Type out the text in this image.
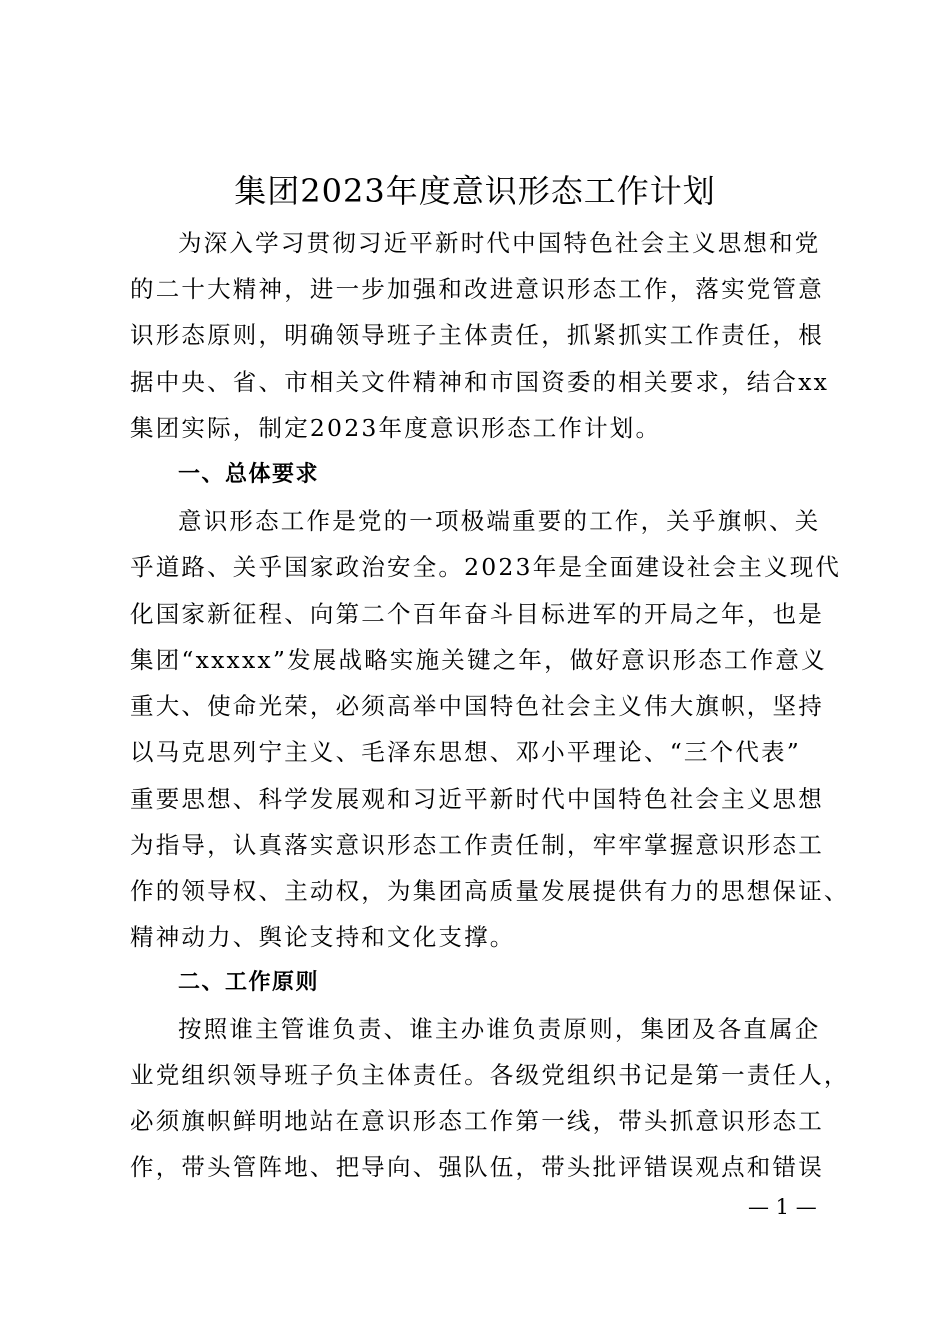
集团2023年度意识形态工作计划
为深入学习贯彻习近平新时代中国特色社会主义思想和党
的二十大精神，进一步加强和改进意识形态工作，落实党管意
识形态原则，明确领导班子主体责任，抓紧抓实工作责任，根
据中央、省、市相关文件精神和市国资委的相关要求，结合xx
集团实际，制定2023年度意识形态工作计划。
一、总体要求
意识形态工作是党的一项极端重要的工作，关乎旗帜、关
乎道路、关乎国家政治安全。2023年是全面建设社会主义现代
化国家新征程、向第二个百年奋斗目标进军的开局之年，也是
集团“xxxxx”发展战略实施关键之年，做好意识形态工作意义
重大、使命光荣，必须高举中国特色社会主义伟大旗帜，坚持
以马克思列宁主义、毛泽东思想、邓小平理论、“三个代表”
重要思想、科学发展观和习近平新时代中国特色社会主义思想
为指导，认真落实意识形态工作责任制，牢牢掌握意识形态工
作的领导权、主动权，为集团高质量发展提供有力的思想保证、
精神动力、舆论支持和文化支撑。
二、工作原则
按照谁主管谁负责、谁主办谁负责原则，集团及各直属企
业党组织领导班子负主体责任。各级党组织书记是第一责任人，
必须旗帜鲜明地站在意识形态工作第一线，带头抓意识形态工
作，带头管阵地、把导向、强队伍，带头批评错误观点和错误
— 1 —
